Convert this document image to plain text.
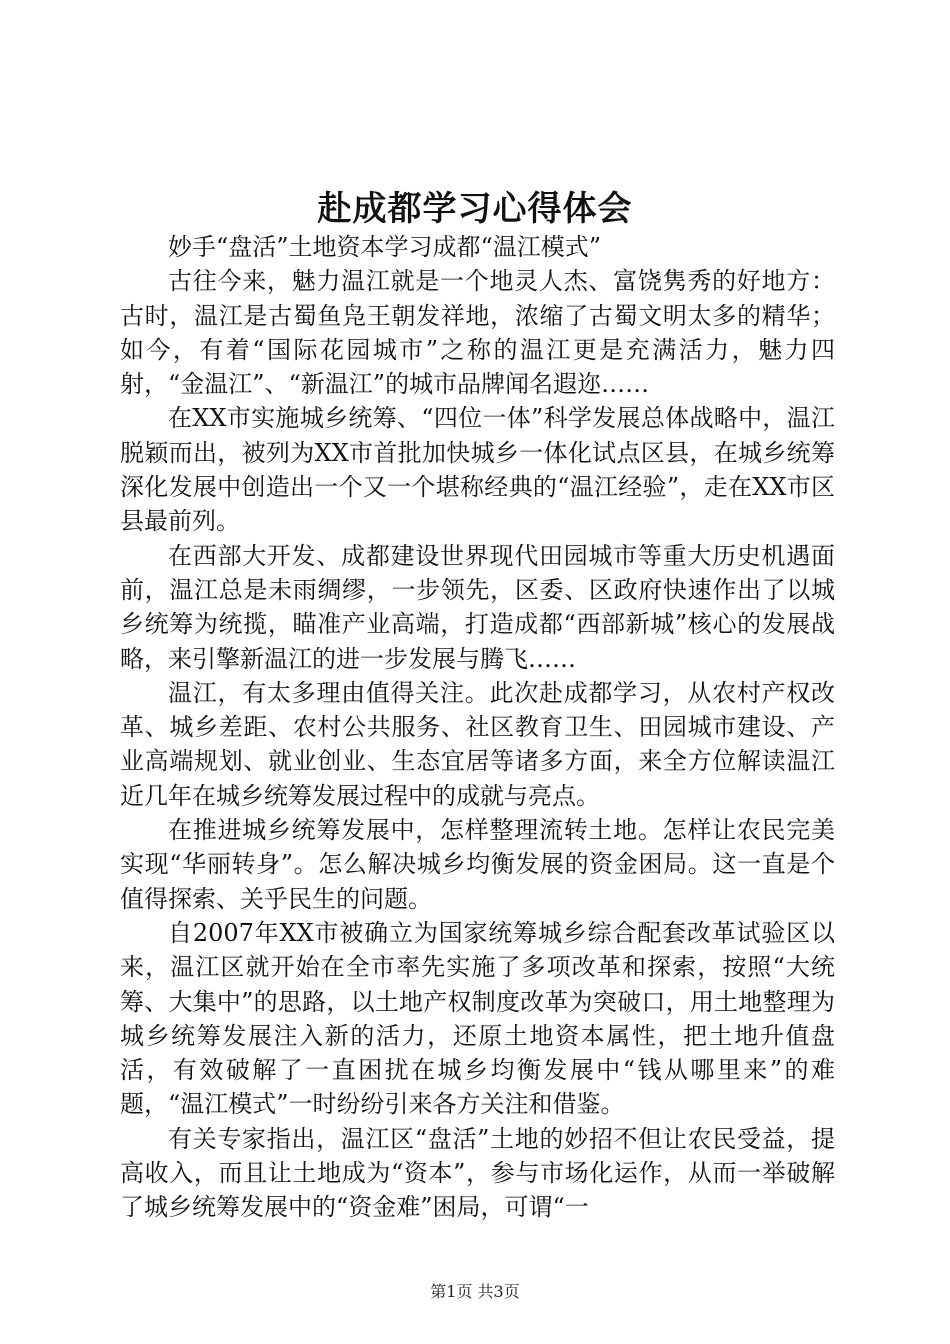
赴成都学习心得体会

妙手“盘活”土地资本学习成都“温江模式”

古往今来，魅力温江就是一个地灵人杰、富饶隽秀的好地方：古时，温江是古蜀鱼凫王朝发祥地，浓缩了古蜀文明太多的精华；如今，有着“国际花园城市”之称的温江更是充满活力，魅力四射，“金温江”、“新温江”的城市品牌闻名遐迩……

在XX市实施城乡统筹、“四位一体”科学发展总体战略中，温江脱颖而出，被列为XX市首批加快城乡一体化试点区县，在城乡统筹深化发展中创造出一个又一个堪称经典的“温江经验”，走在XX市区县最前列。

在西部大开发、成都建设世界现代田园城市等重大历史机遇面前，温江总是未雨绸缪，一步领先，区委、区政府快速作出了以城乡统筹为统揽，瞄准产业高端，打造成都“西部新城”核心的发展战略，来引擎新温江的进一步发展与腾飞……

温江，有太多理由值得关注。此次赴成都学习，从农村产权改革、城乡差距、农村公共服务、社区教育卫生、田园城市建设、产业高端规划、就业创业、生态宜居等诸多方面，来全方位解读温江近几年在城乡统筹发展过程中的成就与亮点。

在推进城乡统筹发展中，怎样整理流转土地。怎样让农民完美实现“华丽转身”。怎么解决城乡均衡发展的资金困局。这一直是个值得探索、关乎民生的问题。

自2007年XX市被确立为国家统筹城乡综合配套改革试验区以来，温江区就开始在全市率先实施了多项改革和探索，按照“大统筹、大集中”的思路，以土地产权制度改革为突破口，用土地整理为城乡统筹发展注入新的活力，还原土地资本属性，把土地升值盘活，有效破解了一直困扰在城乡均衡发展中“钱从哪里来”的难题，“温江模式”一时纷纷引来各方关注和借鉴。

有关专家指出，温江区“盘活”土地的妙招不但让农民受益，提高收入，而且让土地成为“资本”，参与市场化运作，从而一举破解了城乡统筹发展中的“资金难”困局，可谓“一

第1页 共3页
